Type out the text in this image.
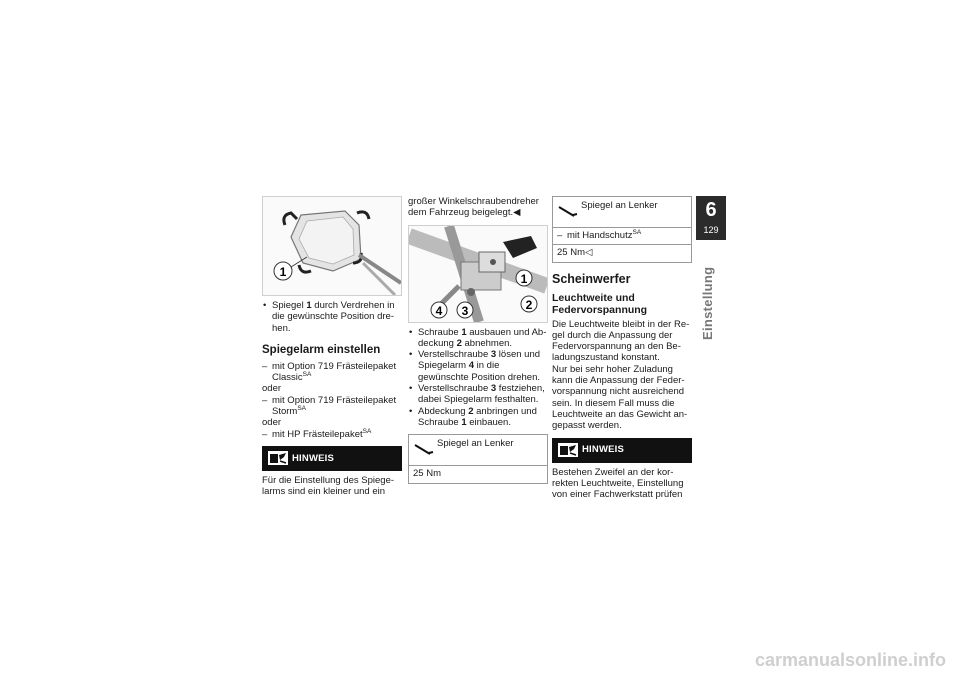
1
• Spiegel 1 durch Verdrehen in die gewünschte Position drehen.
Spiegelarm einstellen
– mit Option 719 Frästeilepaket Classic$^{SA}$

oder

– mit Option 719 Frästeilepaket Storm$^{SA}$

oder

– mit HP Frästeilepaket$^{SA}$
HINWEIS

Für die Einstellung des Spiegelarms sind ein kleiner und ein

großer Winkelschraubendreher dem Fahrzeug beigelegt.◀

1
2
3
4
• Schraube 1 ausbauen und Abdeckung 2 abnehmen.
• Verstellschraube 3 lösen und Spiegelarm 4 in die gewünschte Position drehen.
• Verstellschraube 3 festziehen, dabei Spiegelarm festhalten.
• Abdeckung 2 anbringen und Schraube 1 einbauen.
Spiegel an Lenker
25 Nm
Spiegel an Lenker
– mit Handschutz$^{SA}$
25 Nm◁
Scheinwerfer
Leuchtweite und Federvorspannung

Die Leuchtweite bleibt in der Regel durch die Anpassung der Federvorspannung an den Beladungszustand konstant.

Nur bei sehr hoher Zuladung kann die Anpassung der Federvorspannung nicht ausreichend sein. In diesem Fall muss die Leuchtweite an das Gewicht angepasst werden.

HINWEIS

Bestehen Zweifel an der korrekten Leuchtweite, Einstellung von einer Fachwerkstatt prüfen

6
129
Einstellung
carmanualsonline.info
